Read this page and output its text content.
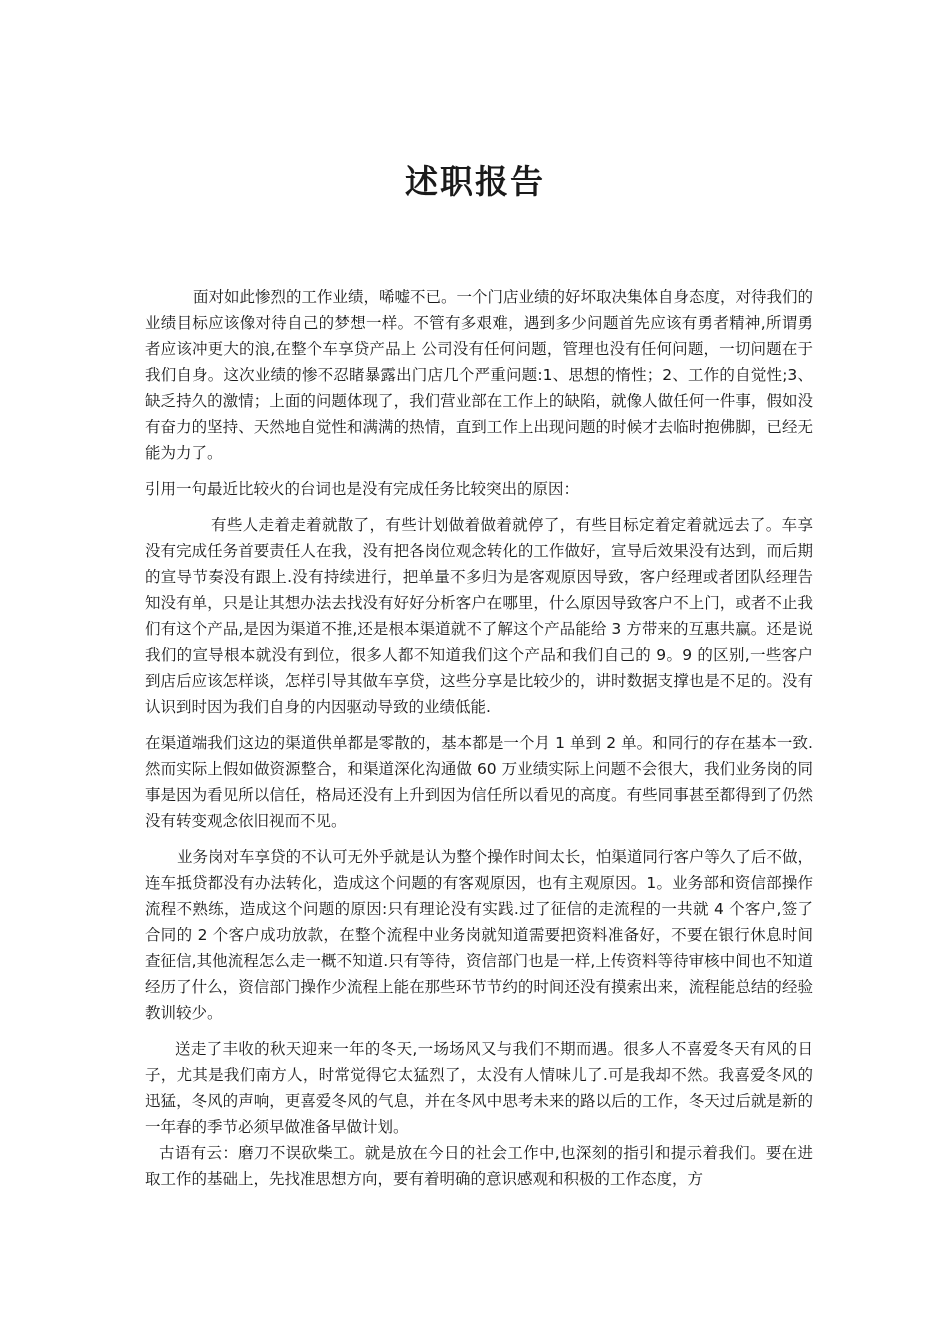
述职报告

面对如此惨烈的工作业绩，唏嘘不已。一个门店业绩的好坏取决集体自身态度，对待我们的业绩目标应该像对待自己的梦想一样。不管有多艰难，遇到多少问题首先应该有勇者精神,所谓勇者应该冲更大的浪,在整个车享贷产品上 公司没有任何问题，管理也没有任何问题，一切问题在于我们自身。这次业绩的惨不忍睹暴露出门店几个严重问题:1、思想的惰性；2、工作的自觉性;3、缺乏持久的激情；上面的问题体现了，我们营业部在工作上的缺陷，就像人做任何一件事，假如没有奋力的坚持、天然地自觉性和满满的热情，直到工作上出现问题的时候才去临时抱佛脚，已经无能为力了。

引用一句最近比较火的台词也是没有完成任务比较突出的原因：

有些人走着走着就散了，有些计划做着做着就停了，有些目标定着定着就远去了。车享没有完成任务首要责任人在我，没有把各岗位观念转化的工作做好，宣导后效果没有达到，而后期的宣导节奏没有跟上.没有持续进行，把单量不多归为是客观原因导致，客户经理或者团队经理告知没有单，只是让其想办法去找没有好好分析客户在哪里，什么原因导致客户不上门，或者不止我们有这个产品,是因为渠道不推,还是根本渠道就不了解这个产品能给 3 方带来的互惠共赢。还是说我们的宣导根本就没有到位，很多人都不知道我们这个产品和我们自己的 9。9 的区别,一些客户到店后应该怎样谈，怎样引导其做车享贷，这些分享是比较少的，讲时数据支撑也是不足的。没有认识到时因为我们自身的内因驱动导致的业绩低能.

在渠道端我们这边的渠道供单都是零散的，基本都是一个月 1 单到 2 单。和同行的存在基本一致.然而实际上假如做资源整合，和渠道深化沟通做 60 万业绩实际上问题不会很大，我们业务岗的同事是因为看见所以信任，格局还没有上升到因为信任所以看见的高度。有些同事甚至都得到了仍然没有转变观念依旧视而不见。

业务岗对车享贷的不认可无外乎就是认为整个操作时间太长，怕渠道同行客户等久了后不做，连车抵贷都没有办法转化，造成这个问题的有客观原因，也有主观原因。1。业务部和资信部操作流程不熟练，造成这个问题的原因:只有理论没有实践.过了征信的走流程的一共就 4 个客户,签了合同的 2 个客户成功放款，在整个流程中业务岗就知道需要把资料准备好，不要在银行休息时间查征信,其他流程怎么走一概不知道.只有等待，资信部门也是一样,上传资料等待审核中间也不知道经历了什么，资信部门操作少流程上能在那些环节节约的时间还没有摸索出来，流程能总结的经验教训较少。

送走了丰收的秋天迎来一年的冬天,一场场风又与我们不期而遇。很多人不喜爱冬天有风的日子，尤其是我们南方人，时常觉得它太猛烈了，太没有人情味儿了.可是我却不然。我喜爱冬风的迅猛，冬风的声响，更喜爱冬风的气息，并在冬风中思考未来的路以后的工作，冬天过后就是新的一年春的季节必须早做准备早做计划。

古语有云：磨刀不误砍柴工。就是放在今日的社会工作中,也深刻的指引和提示着我们。要在进取工作的基础上，先找准思想方向，要有着明确的意识感观和积极的工作态度，方
